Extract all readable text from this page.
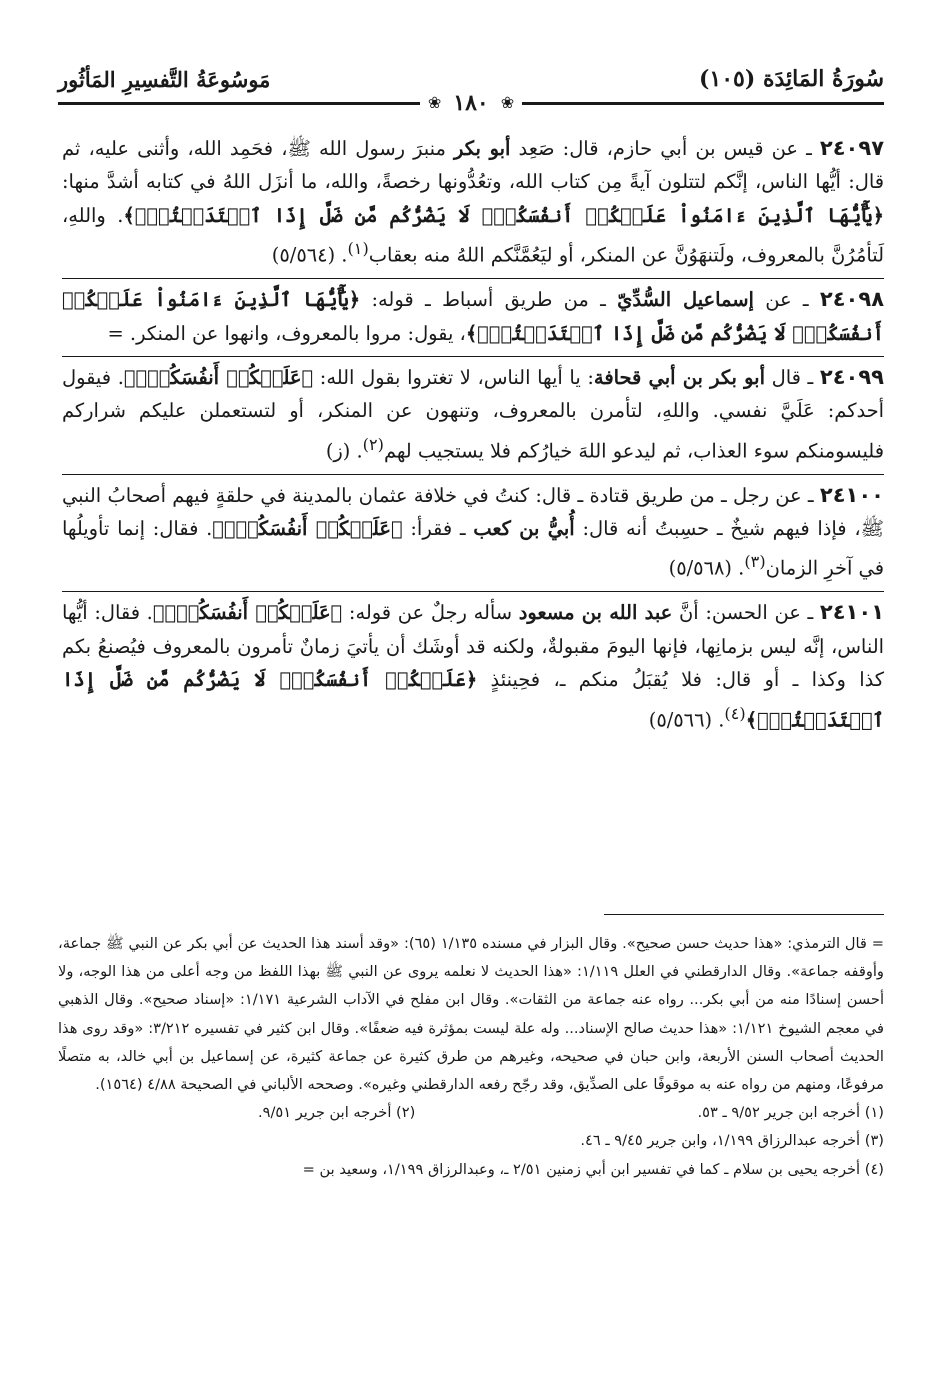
سُورَةُ المَائِدَة (١٠٥)
مَوسُوعَةُ التَّفسِيرِ المَأثُور
❀
١٨٠
❀

٢٤٠٩٧ ـ عن قيس بن أبي حازم، قال: صَعِد أبو بكر منبرَ رسول الله ﷺ، فحَمِد الله، وأثنى عليه، ثم قال: أيُّها الناس، إنَّكم لتتلون آيةً مِن كتاب الله، وتعُدُّونها رخصةً، والله، ما أنزَل اللهُ في كتابه أشدَّ منها: ﴿يَٰٓأَيُّهَا ٱلَّذِينَ ءَامَنُواْ عَلَيۡكُمۡ أَنفُسَكُمۡۖ لَا يَضُرُّكُم مَّن ضَلَّ إِذَا ٱهۡتَدَيۡتُمۡۚ﴾. واللهِ، لَتأمُرُنَّ بالمعروف، ولَتنهَوُنَّ عن المنكر، أو ليَعُمَّنَّكم اللهُ منه بعقاب$^{(١)}$. (٥/٥٦٤)

٢٤٠٩٨ ـ عن إسماعيل السُّدِّيّ ـ من طريق أسباط ـ قوله: ﴿يَٰٓأَيُّهَا ٱلَّذِينَ ءَامَنُواْ عَلَيۡكُمۡ أَنفُسَكُمۡۖ لَا يَضُرُّكُم مَّن ضَلَّ إِذَا ٱهۡتَدَيۡتُمۡۚ﴾، يقول: مروا بالمعروف، وانهوا عن المنكر. =

٢٤٠٩٩ ـ قال أبو بكر بن أبي قحافة: يا أيها الناس، لا تغتروا بقول الله: ﴿عَلَيۡكُمۡ أَنفُسَكُمۡۖ﴾. فيقول أحدكم: عَلَيَّ نفسي. واللهِ، لتأمرن بالمعروف، وتنهون عن المنكر، أو لتستعملن عليكم شراركم فليسومنكم سوء العذاب، ثم ليدعو اللهَ خيارُكم فلا يستجيب لهم$^{(٢)}$. (ز)

٢٤١٠٠ ـ عن رجل ـ من طريق قتادة ـ قال: كنتُ في خلافة عثمان بالمدينة في حلقةٍ فيهم أصحابُ النبي ﷺ، فإذا فيهم شيخٌ ـ حسِبتُ أنه قال: أُبيُّ بن كعب ـ فقرأ: ﴿عَلَيۡكُمۡ أَنفُسَكُمۡۖ﴾. فقال: إنما تأويلُها في آخرِ الزمان$^{(٣)}$. (٥/٥٦٨)

٢٤١٠١ ـ عن الحسن: أنَّ عبد الله بن مسعود سأله رجلٌ عن قوله: ﴿عَلَيۡكُمۡ أَنفُسَكُمۡۖ﴾. فقال: أيُّها الناس، إنَّه ليس بزمانِها، فإنها اليومَ مقبولةٌ، ولكنه قد أوشَك أن يأتيَ زمانٌ تأمرون بالمعروف فيُصنعُ بكم كذا وكذا ـ أو قال: فلا يُقبَلُ منكم ـ، فحِينئذٍ ﴿عَلَيۡكُمۡ أَنفُسَكُمۡۖ لَا يَضُرُّكُم مَّن ضَلَّ إِذَا ٱهۡتَدَيۡتُمۡۚ﴾$^{(٤)}$. (٥/٥٦٦)

= قال الترمذي: «هذا حديث حسن صحيح». وقال البزار في مسنده ١/١٣٥ (٦٥): «وقد أسند هذا الحديث عن أبي بكر عن النبي ﷺ جماعة، وأوقفه جماعة». وقال الدارقطني في العلل ١/١١٩: «هذا الحديث لا نعلمه يروى عن النبي ﷺ بهذا اللفظ من وجه أعلى من هذا الوجه، ولا أحسن إسنادًا منه من أبي بكر... رواه عنه جماعة من الثقات». وقال ابن مفلح في الآداب الشرعية ١/١٧١: «إسناد صحيح». وقال الذهبي في معجم الشيوخ ١/١٢١: «هذا حديث صالح الإسناد... وله علة ليست بمؤثرة فيه ضعفًا». وقال ابن كثير في تفسيره ٣/٢١٢: «وقد روى هذا الحديث أصحاب السنن الأربعة، وابن حبان في صحيحه، وغيرهم من طرق كثيرة عن جماعة كثيرة، عن إسماعيل بن أبي خالد، به متصلًا مرفوعًا، ومنهم من رواه عنه به موقوفًا على الصدِّيق، وقد رجّح رفعه الدارقطني وغيره». وصححه الألباني في الصحيحة ٤/٨٨ (١٥٦٤).

(١) أخرجه ابن جرير ٩/٥٢ ـ ٥٣.
(٢) أخرجه ابن جرير ٩/٥١.

(٣) أخرجه عبدالرزاق ١/١٩٩، وابن جرير ٩/٤٥ ـ ٤٦.

(٤) أخرجه يحيى بن سلام ـ كما في تفسير ابن أبي زمنين ٢/٥١ ـ، وعبدالرزاق ١/١٩٩، وسعيد بن =
